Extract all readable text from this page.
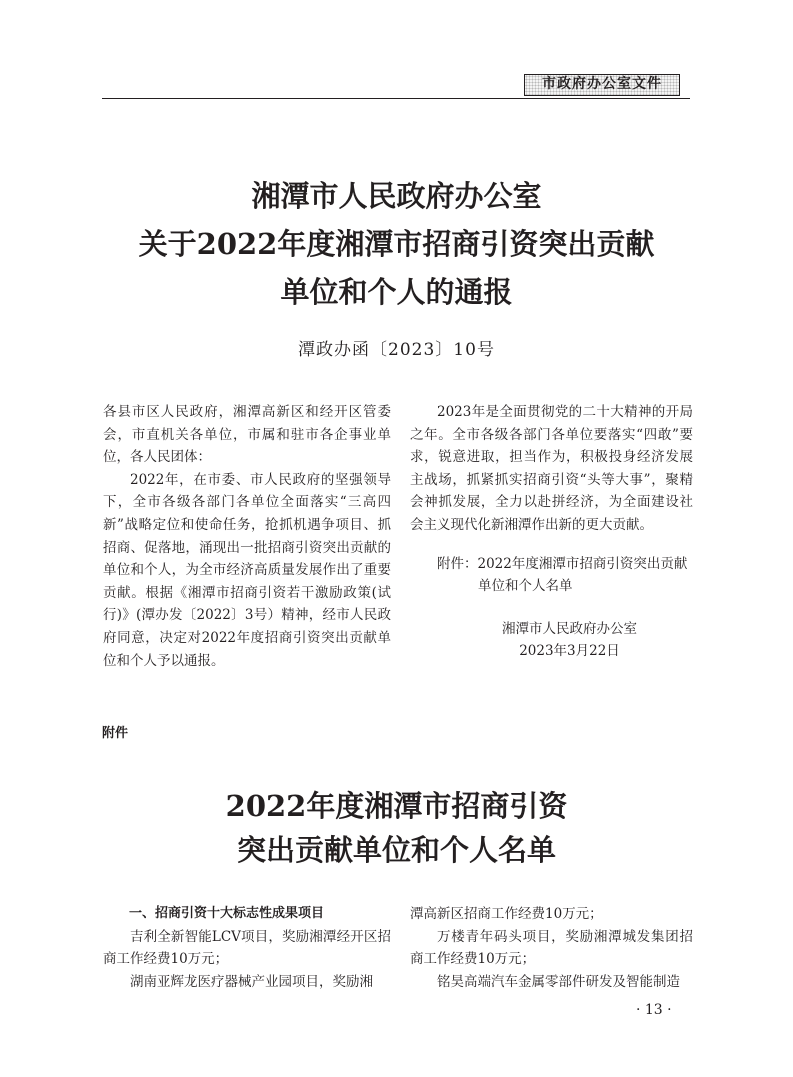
市政府办公室文件
湘潭市人民政府办公室
关于2022年度湘潭市招商引资突出贡献
单位和个人的通报
潭政办函〔2023〕10号

各县市区人民政府，湘潭高新区和经开区管委会，市直机关各单位，市属和驻市各企事业单位，各人民团体：

2022年，在市委、市人民政府的坚强领导下，全市各级各部门各单位全面落实“三高四新”战略定位和使命任务，抢抓机遇争项目、抓招商、促落地，涌现出一批招商引资突出贡献的单位和个人，为全市经济高质量发展作出了重要贡献。根据《湘潭市招商引资若干激励政策(试行)》(潭办发〔2022〕3号）精神，经市人民政府同意，决定对2022年度招商引资突出贡献单位和个人予以通报。

2023年是全面贯彻党的二十大精神的开局之年。全市各级各部门各单位要落实“四敢”要求，锐意进取，担当作为，积极投身经济发展主战场，抓紧抓实招商引资“头等大事”，聚精会神抓发展，全力以赴拼经济，为全面建设社会主义现代化新湘潭作出新的更大贡献。

附件：2022年度湘潭市招商引资突出贡献
单位和个人名单
湘潭市人民政府办公室
2023年3月22日
附件
2022年度湘潭市招商引资
突出贡献单位和个人名单

一、招商引资十大标志性成果项目

吉利全新智能LCV项目，奖励湘潭经开区招商工作经费10万元；

湖南亚辉龙医疗器械产业园项目，奖励湘

潭高新区招商工作经费10万元；

万楼青年码头项目，奖励湘潭城发集团招商工作经费10万元；

铭昊高端汽车金属零部件研发及智能制造

· 13 ·
